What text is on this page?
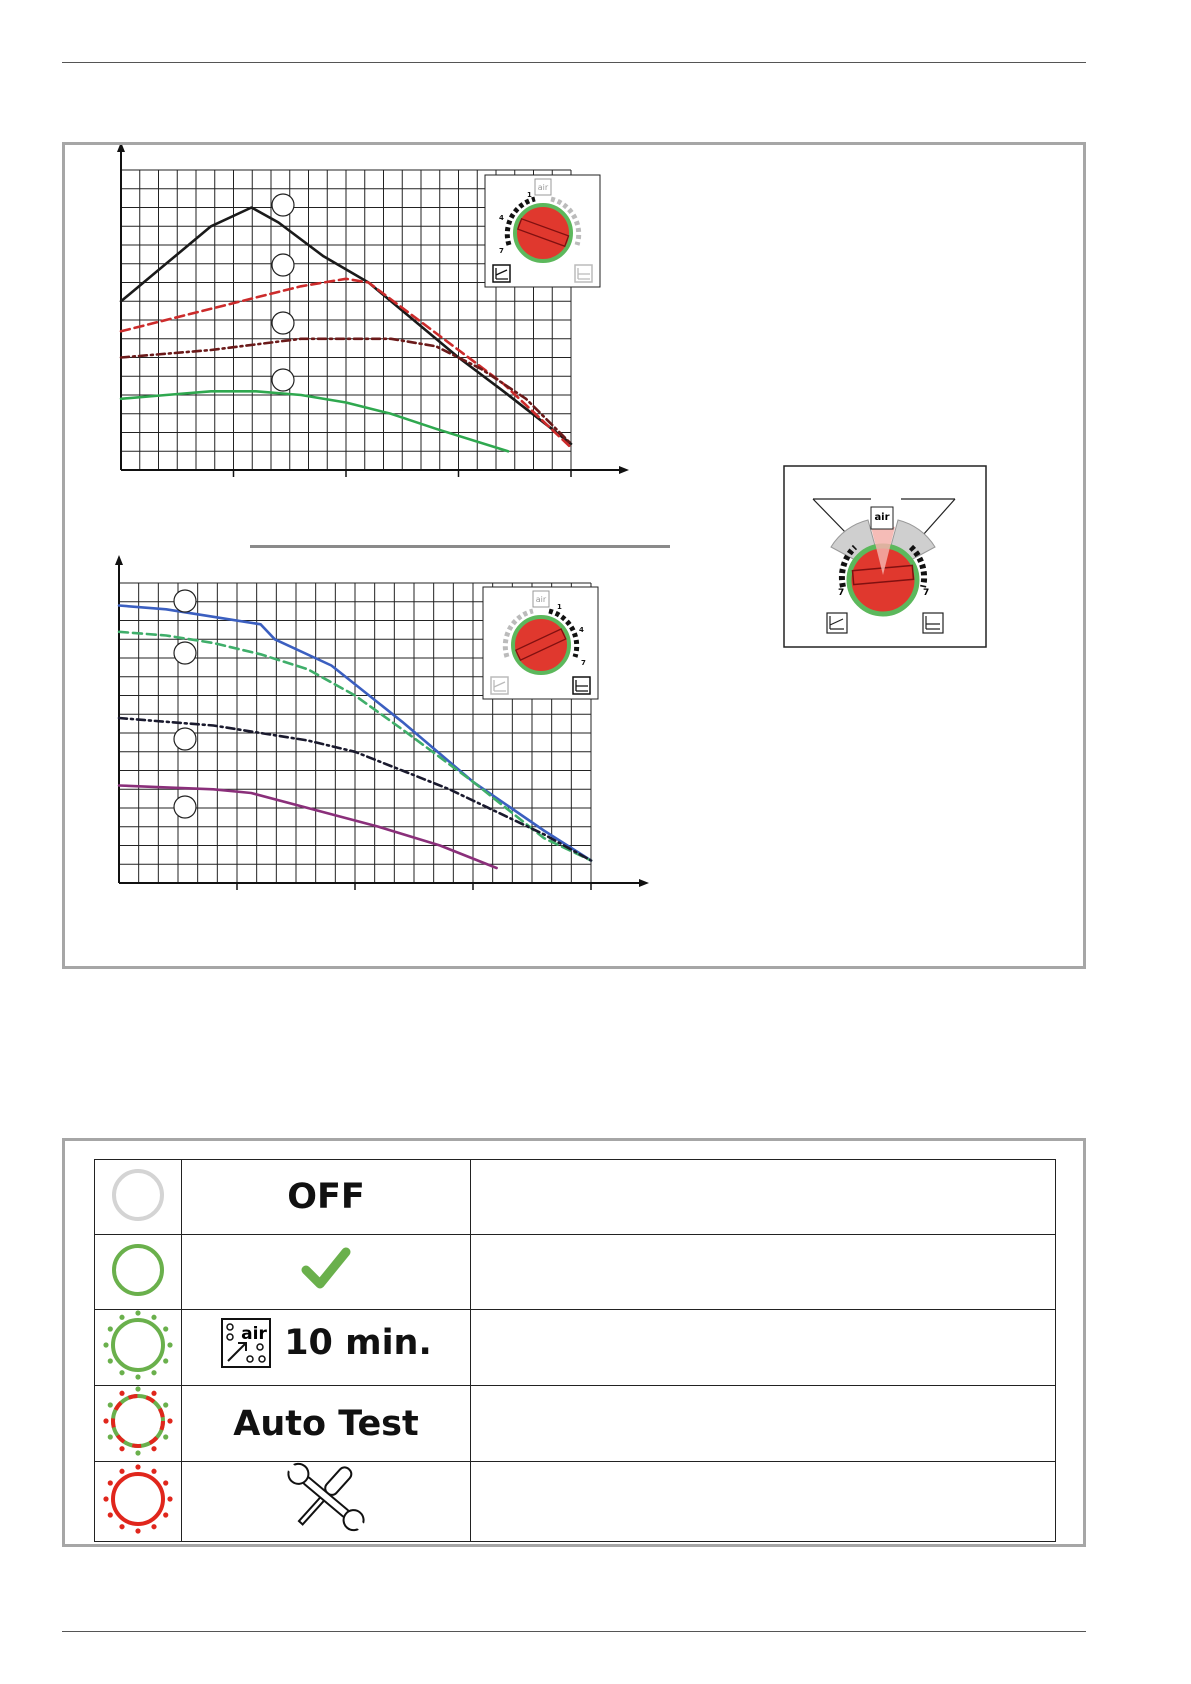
air
1
4
7
air
1
4
7
air
7	7
	OFF	

air 10 min.	

	Auto Test	
